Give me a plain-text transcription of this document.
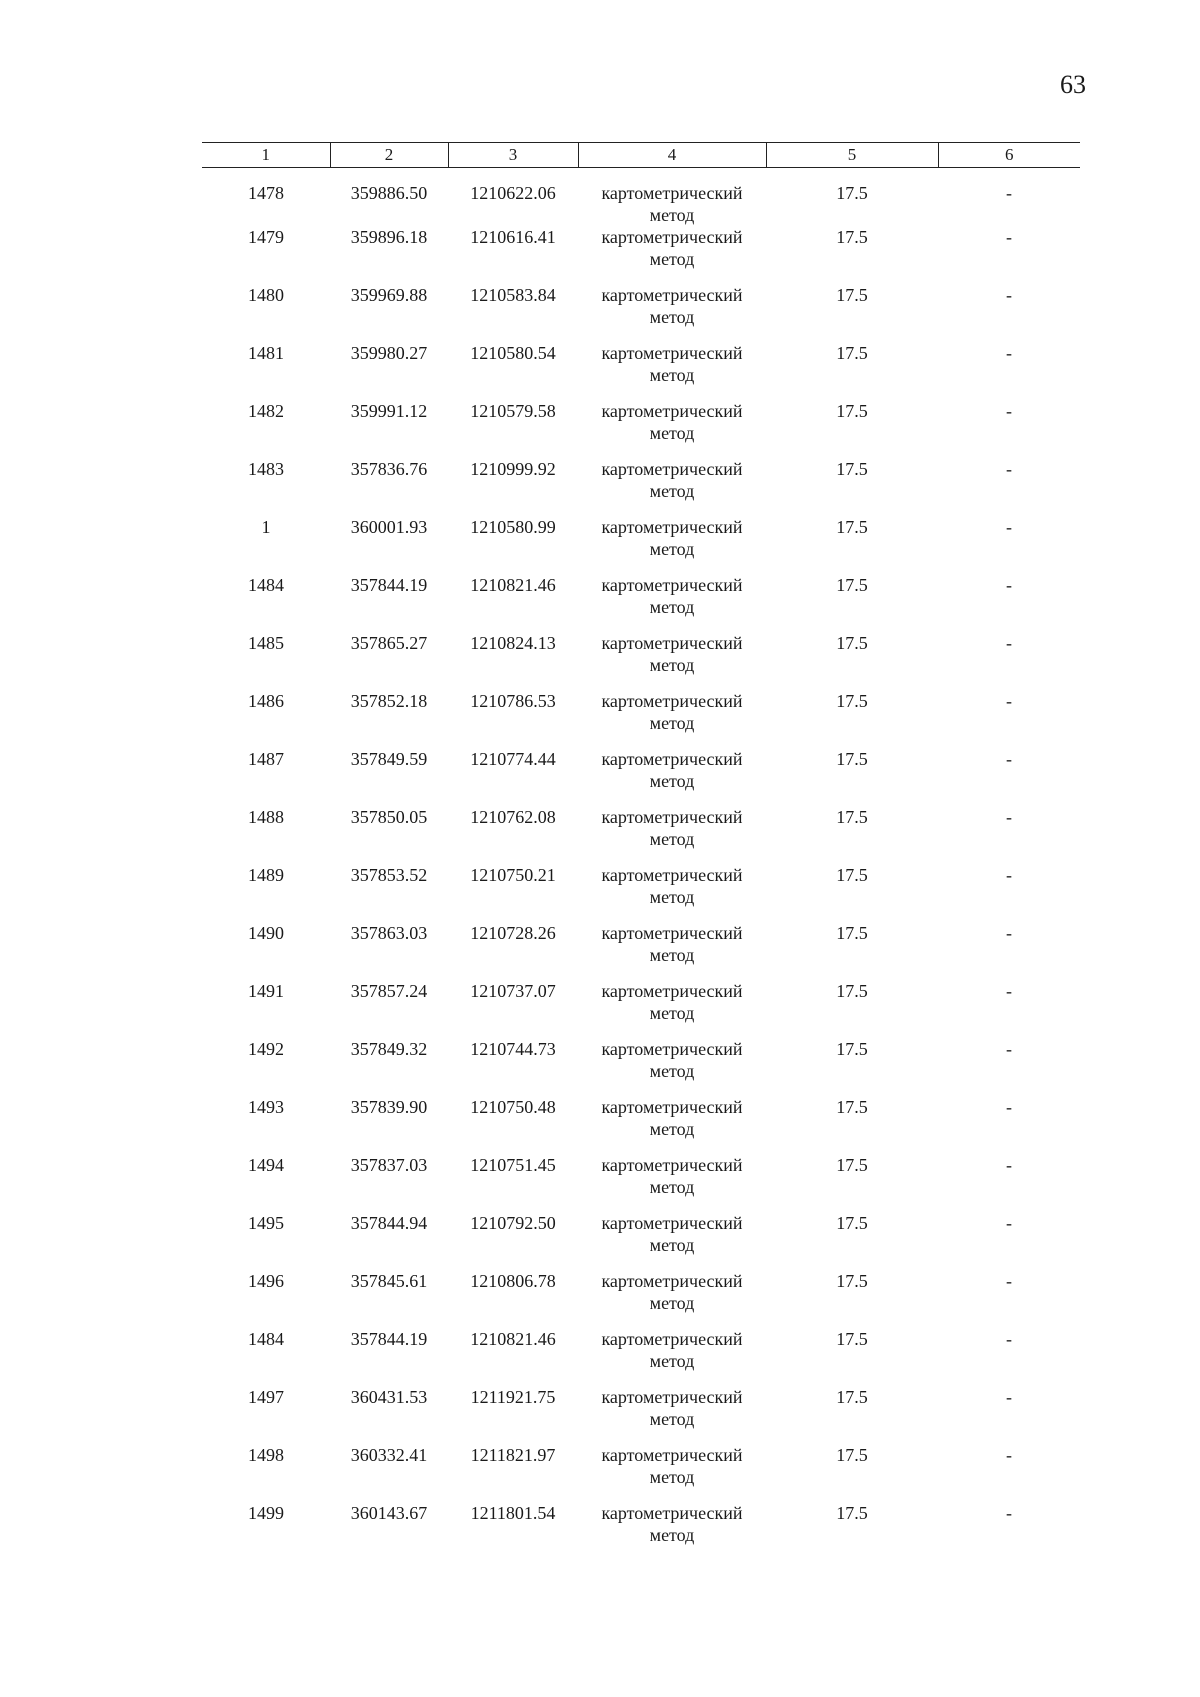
63
1	2	3	4	5	6
1478	359886.50	1210622.06	картометрический метод	17.5	-
1479	359896.18	1210616.41	картометрический метод	17.5	-
1480	359969.88	1210583.84	картометрический метод	17.5	-
1481	359980.27	1210580.54	картометрический метод	17.5	-
1482	359991.12	1210579.58	картометрический метод	17.5	-
1483	357836.76	1210999.92	картометрический метод	17.5	-
1	360001.93	1210580.99	картометрический метод	17.5	-
1484	357844.19	1210821.46	картометрический метод	17.5	-
1485	357865.27	1210824.13	картометрический метод	17.5	-
1486	357852.18	1210786.53	картометрический метод	17.5	-
1487	357849.59	1210774.44	картометрический метод	17.5	-
1488	357850.05	1210762.08	картометрический метод	17.5	-
1489	357853.52	1210750.21	картометрический метод	17.5	-
1490	357863.03	1210728.26	картометрический метод	17.5	-
1491	357857.24	1210737.07	картометрический метод	17.5	-
1492	357849.32	1210744.73	картометрический метод	17.5	-
1493	357839.90	1210750.48	картометрический метод	17.5	-
1494	357837.03	1210751.45	картометрический метод	17.5	-
1495	357844.94	1210792.50	картометрический метод	17.5	-
1496	357845.61	1210806.78	картометрический метод	17.5	-
1484	357844.19	1210821.46	картометрический метод	17.5	-
1497	360431.53	1211921.75	картометрический метод	17.5	-
1498	360332.41	1211821.97	картометрический метод	17.5	-
1499	360143.67	1211801.54	картометрический метод	17.5	-
